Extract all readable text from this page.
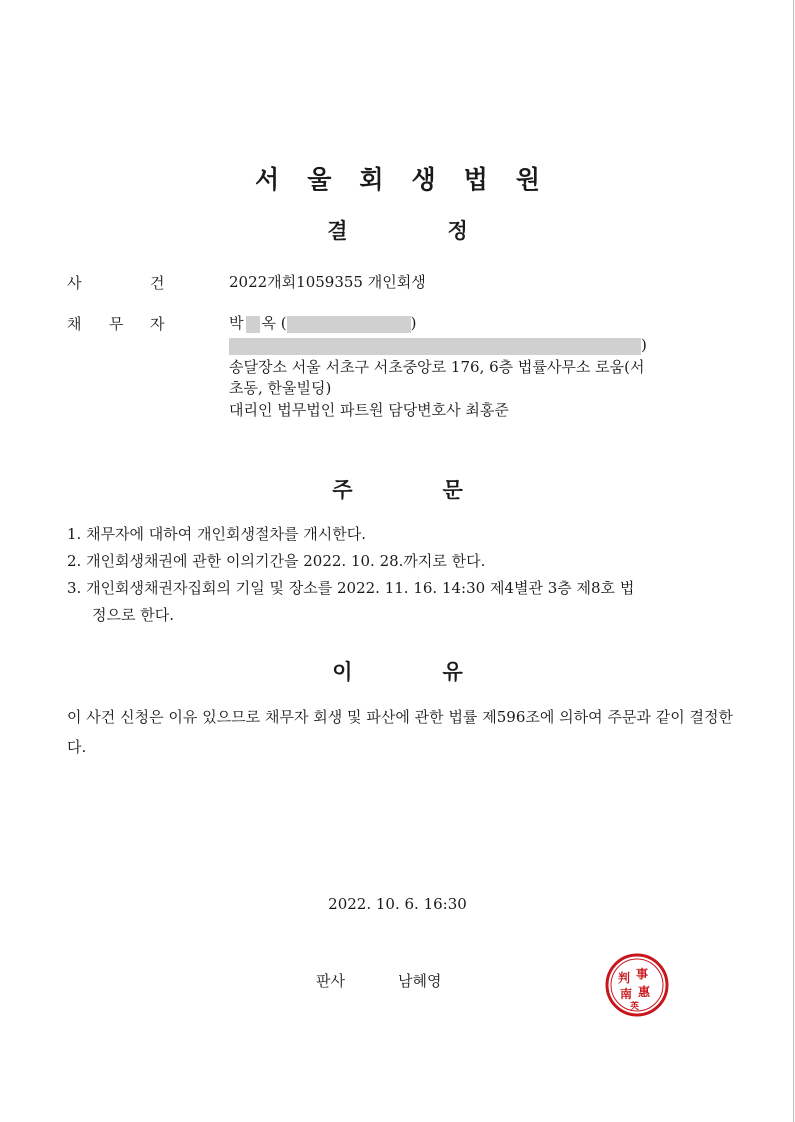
서 울 회 생 법 원
결	정
사	건	2022개회1059355 개인회생
채 무 자	박 옥 (	)
)
송달장소 서울 서초구 서초중앙로 176, 6층 법률사무소 로움(서
초동, 한울빌딩)
대리인 법무법인 파트원 담당변호사 최홍준
주	문
1. 채무자에 대하여 개인회생절차를 개시한다.
2. 개인회생채권에 관한 이의기간을 2022. 10. 28.까지로 한다.
3. 개인회생채권자집회의 기일 및 장소를 2022. 11. 16. 14:30 제4별관 3층 제8호 법
정으로 한다.
이	유
이 사건 신청은 이유 있으므로 채무자 회생 및 파산에 관한 법률 제596조에 의하여 주문과 같이 결정한다.
2022. 10. 6. 16:30
판사	남혜영	判 事
南 惠
英
